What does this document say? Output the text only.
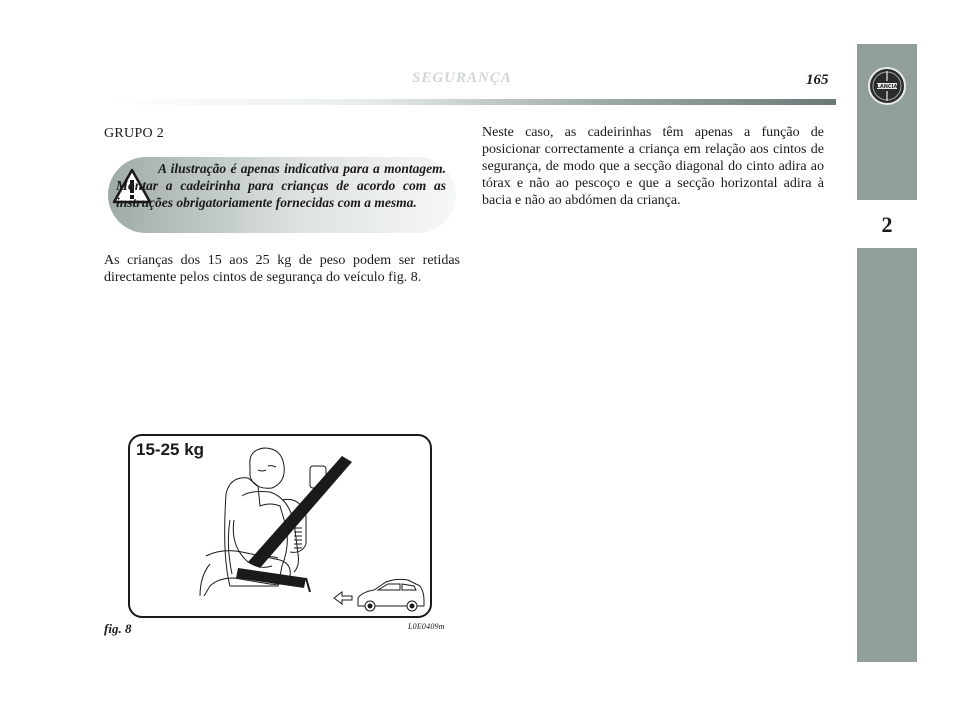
SEGURANÇA	165	LANCIA
2
GRUPO 2

A ilustração é apenas indicativa para a montagem. Montar a cadeirinha para crianças de acordo com as instruções obrigatoriamente fornecidas com a mesma.

As crianças dos 15 aos 25 kg de peso podem ser retidas directamente pelos cintos de segurança do veículo fig. 8.

Neste caso, as cadeirinhas têm apenas a função de posicionar correctamente a criança em relação aos cintos de segurança, de modo que a secção diagonal do cinto adira ao tórax e não ao pescoço e que a secção horizontal adira à bacia e não ao abdómen da criança.

15-25 kg
fig. 8	L0E0409m
